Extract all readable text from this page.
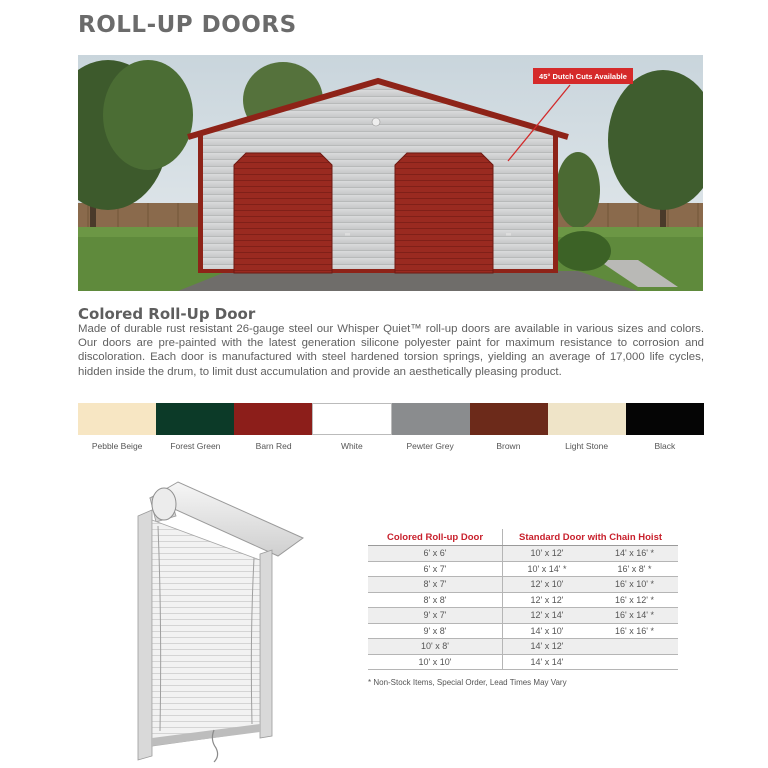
ROLL-UP DOORS
45° Dutch Cuts Available
Colored Roll-Up Door

Made of durable rust resistant 26-gauge steel our Whisper Quiet™ roll-up doors are available in various sizes and colors. Our doors are pre-painted with the latest generation silicone polyester paint for maximum resistance to corrosion and discoloration. Each door is manufactured with steel hardened torsion springs, yielding an average of 17,000 life cycles, hidden inside the drum, to limit dust accumulation and provide an aesthetically pleasing product.

Pebble Beige	Forest Green	Barn Red	White	Pewter Grey	Brown	Light Stone	Black
Colored Roll-up Door	Standard Door with Chain Hoist	
6' x 6'	10' x 12'	14' x 16' *
6' x 7'	10' x 14' *	16' x 8' *
8' x 7'	12' x 10'	16' x 10' *
8' x 8'	12' x 12'	16' x 12' *
9' x 7'	12' x 14'	16' x 14' *
9' x 8'	14' x 10'	16' x 16' *
10' x 8'	14' x 12'	
10' x 10'	14' x 14'	
* Non-Stock Items, Special Order, Lead Times May Vary
